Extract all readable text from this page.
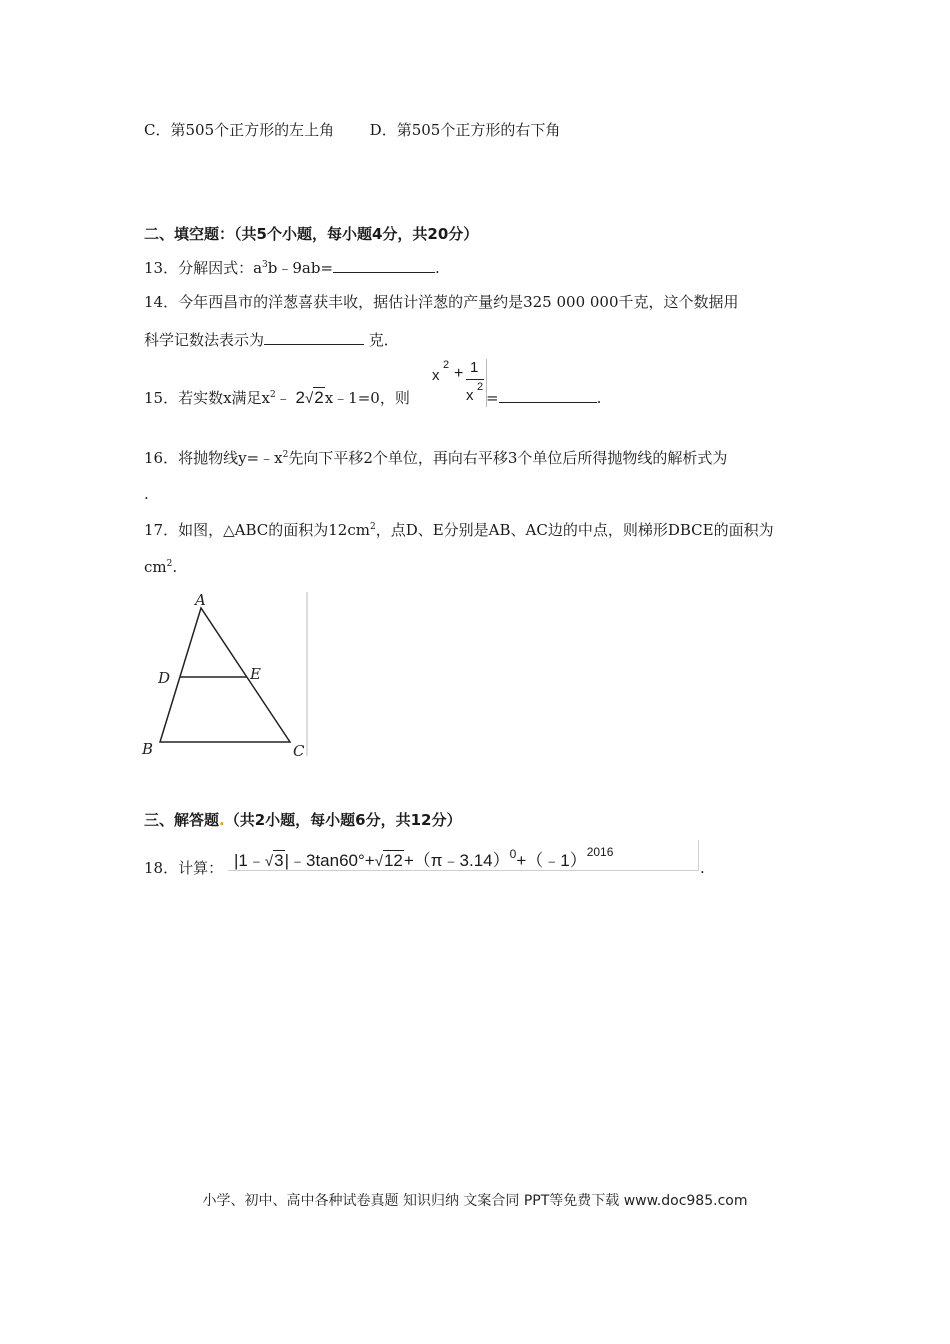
C．第505个正方形的左上角 D．第505个正方形的右下角
二、填空题：（共5个小题，每小题4分，共20分）
13．分解因式：$a^3b﹣9ab=$	.
14．今年西昌市的洋葱喜获丰收，据估计洋葱的产量约是325 000 000千克，这个数据用
科学记数法表示为	克．
15．若实数x满足$x^2﹣$ 2√2x﹣1=0，则
x
2 + 1
x 2
=	.
16．将抛物线$y=﹣x^2$先向下平移2个单位，再向右平移3个单位后所得抛物线的解析式为
.
17．如图，△ABC的面积为$12cm^2$，点D、E分别是AB、AC边的中点，则梯形DBCE的面积为
$cm^2$.
A
D	E
B	C
三、解答题.（共2小题，每小题6分，共12分）
18．计算： |1﹣√3|﹣3tan60°+√12+（π﹣3.14）$^0$+（﹣1）$^{2016}$
.
小学、初中、高中各种试卷真题 知识归纳 文案合同 PPT等免费下载 www.doc985.com
